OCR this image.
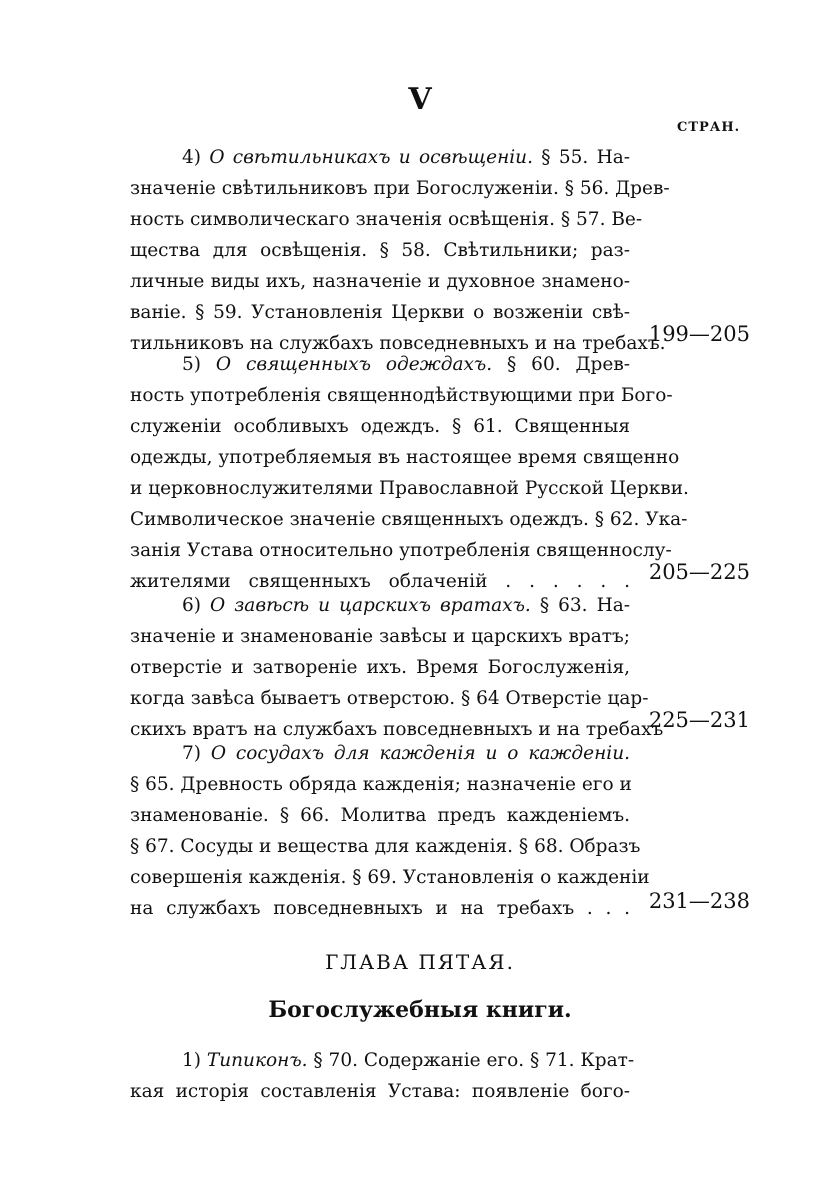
V
СТРАН.
4) О свѣтильникахъ и освѣщеніи. § 55. На-
значеніе свѣтильниковъ при Богослуженіи. § 56. Древ-
ность символическаго значенія освѣщенія. § 57. Ве-
щества для освѣщенія. § 58. Свѣтильники; раз-
личные виды ихъ, назначеніе и духовное знамено-
ваніе. § 59. Установленія Церкви о возженіи свѣ-
тильниковъ на службахъ повседневныхъ и на требахъ.
199—205
5) О священныхъ одеждахъ. § 60. Древ-
ность употребленія священнодѣйствующими при Бого-
служеніи особливыхъ одеждъ. § 61. Священныя
одежды, употребляемыя въ настоящее время священно
и церковнослужителями Православной Русской Церкви.
Символическое значеніе священныхъ одеждъ. § 62. Ука-
занія Устава относительно употребленія священнослу-
жителями священныхъ облаченій . . . . . . 205—225
6) О завѣсѣ и царскихъ вратахъ. § 63. На-
значеніе и знаменованіе завѣсы и царскихъ вратъ;
отверстіе и затвореніе ихъ. Время Богослуженія,
когда завѣса бываетъ отверстою. § 64 Отверстіе цар-
скихъ вратъ на службахъ повседневныхъ и на требахъ
225—231
7) О сосудахъ для кажденія и о кажденіи.
§ 65. Древность обряда кажденія; назначеніе его и
знаменованіе. § 66. Молитва предъ кажденіемъ.
§ 67. Сосуды и вещества для кажденія. § 68. Образъ
совершенія кажденія. § 69. Установленія о кажденіи
на службахъ повседневныхъ и на требахъ . . . 231—238
ГЛАВА ПЯТАЯ.
Богослужебныя книги.
1) Типиконъ. § 70. Содержаніе его. § 71. Крат-
кая исторія составленія Устава: появленіе бого-
